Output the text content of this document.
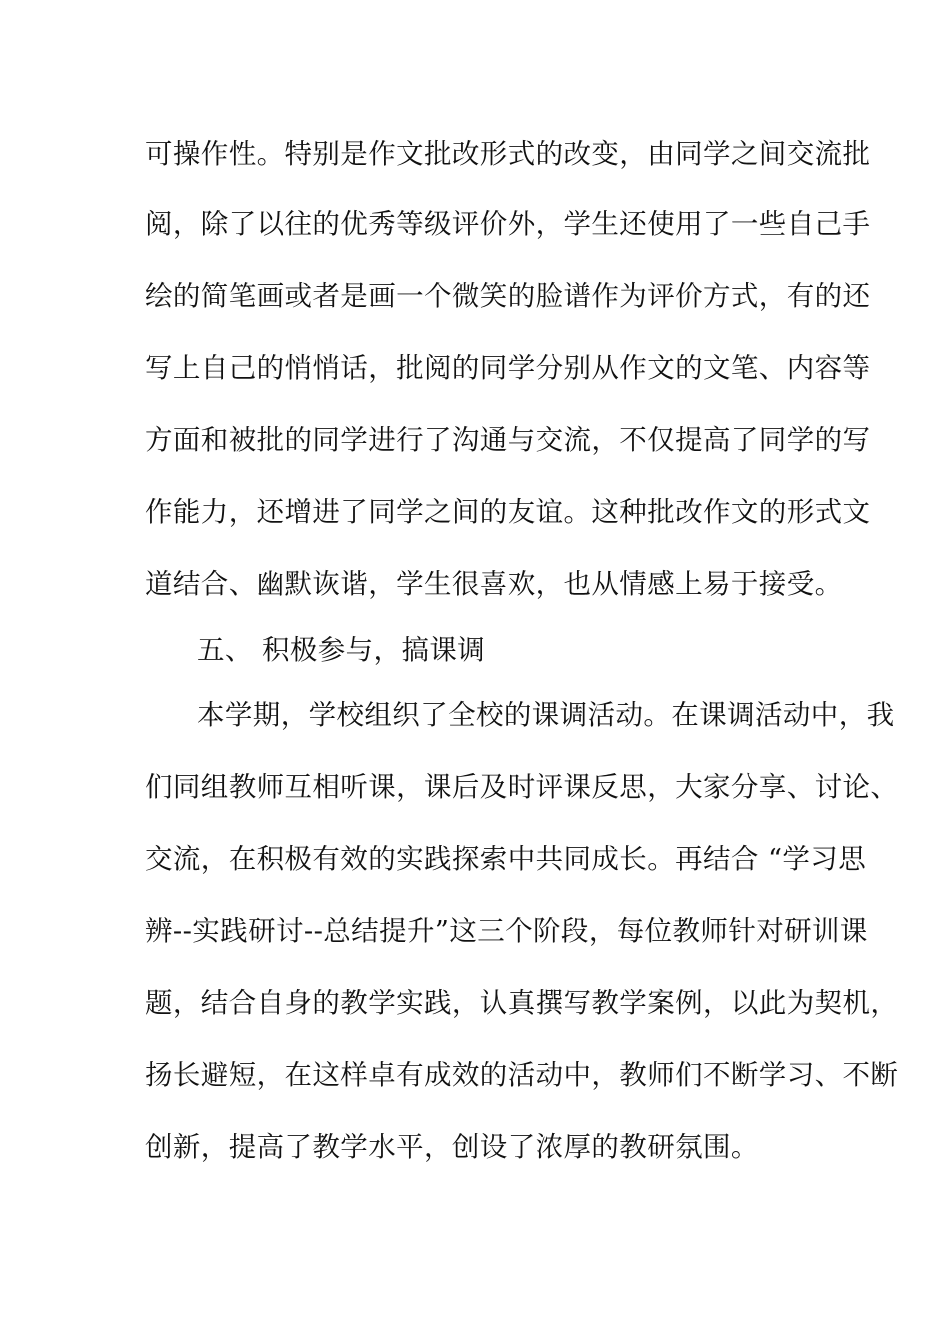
可操作性。特别是作文批改形式的改变，由同学之间交流批
阅，除了以往的优秀等级评价外，学生还使用了一些自己手
绘的简笔画或者是画一个微笑的脸谱作为评价方式，有的还
写上自己的悄悄话，批阅的同学分别从作文的文笔、内容等
方面和被批的同学进行了沟通与交流，不仅提高了同学的写
作能力，还增进了同学之间的友谊。这种批改作文的形式文
道结合、幽默诙谐，学生很喜欢，也从情感上易于接受。
五、 积极参与，搞课调
本学期，学校组织了全校的课调活动。在课调活动中，我
们同组教师互相听课，课后及时评课反思，大家分享、讨论、
交流，在积极有效的实践探索中共同成长。再结合 “学习思
辨--实践研讨--总结提升”这三个阶段，每位教师针对研训课
题，结合自身的教学实践，认真撰写教学案例，以此为契机，
扬长避短，在这样卓有成效的活动中，教师们不断学习、不断
创新，提高了教学水平，创设了浓厚的教研氛围。
